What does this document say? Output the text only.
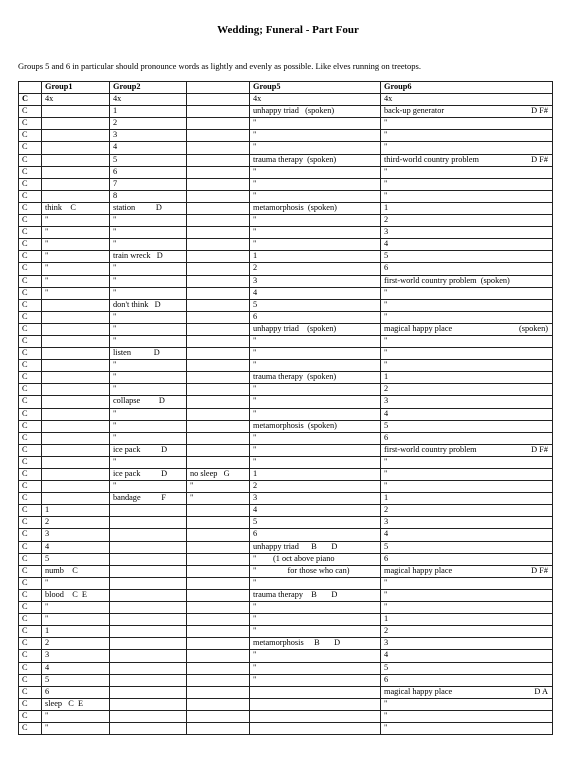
Wedding; Funeral - Part Four
Groups 5 and 6 in particular should pronounce words as lightly and evenly as possible. Like elves running on treetops.
	Group1	Group2		Group5	Group6
C	4x	4x		4x	4x
C		1		unhappy triad   (spoken)	back-up generator D F#

C		2		"	"
C		3		"	"
C		4		"	"
C		5		trauma therapy  (spoken)	third-world country problem D F#

C		6		"	"
C		7		"	"
C		8		"	"
C	think    C	station          D		metamorphosis  (spoken)	1
C	"	"		"	2
C	"	"		"	3
C	"	"		"	4
C	"	train wreck   D		1	5
C	"	"		2	6
C	"	"		3	first-world country problem  (spoken)
C	"	"		4	"
C		don't think   D		5	"
C		"		6	"
C		"		unhappy triad    (spoken)	magical happy place (spoken)

C		"		"	"
C		listen           D		"	"
C		"		"	"
C		"		trauma therapy  (spoken)	1
C		"		"	2
C		collapse         D		"	3
C		"		"	4
C		"		metamorphosis  (spoken)	5
C		"		"	6
C		ice pack          D		"	first-world country problem D F#

C		"		"	"
C		ice pack          D	no sleep   G	1	"
C		"	"	2	"
C		bandage          F	"	3	1
C	1			4	2
C	2			5	3
C	3			6	4
C	4			unhappy triad      B       D	5
C	5			"        (1 oct above piano	6
C	numb    C			"               for those who can)	magical happy place D F#

C	"			"	"
C	blood    C  E			trauma therapy    B       D	"
C	"			"	"
C	"			"	1
C	1			"	2
C	2			metamorphosis     B       D	3
C	3			"	4
C	4			"	5
C	5			"	6
C	6				magical happy place D A

C	sleep   C  E				"
C	"				"
C	"				"
